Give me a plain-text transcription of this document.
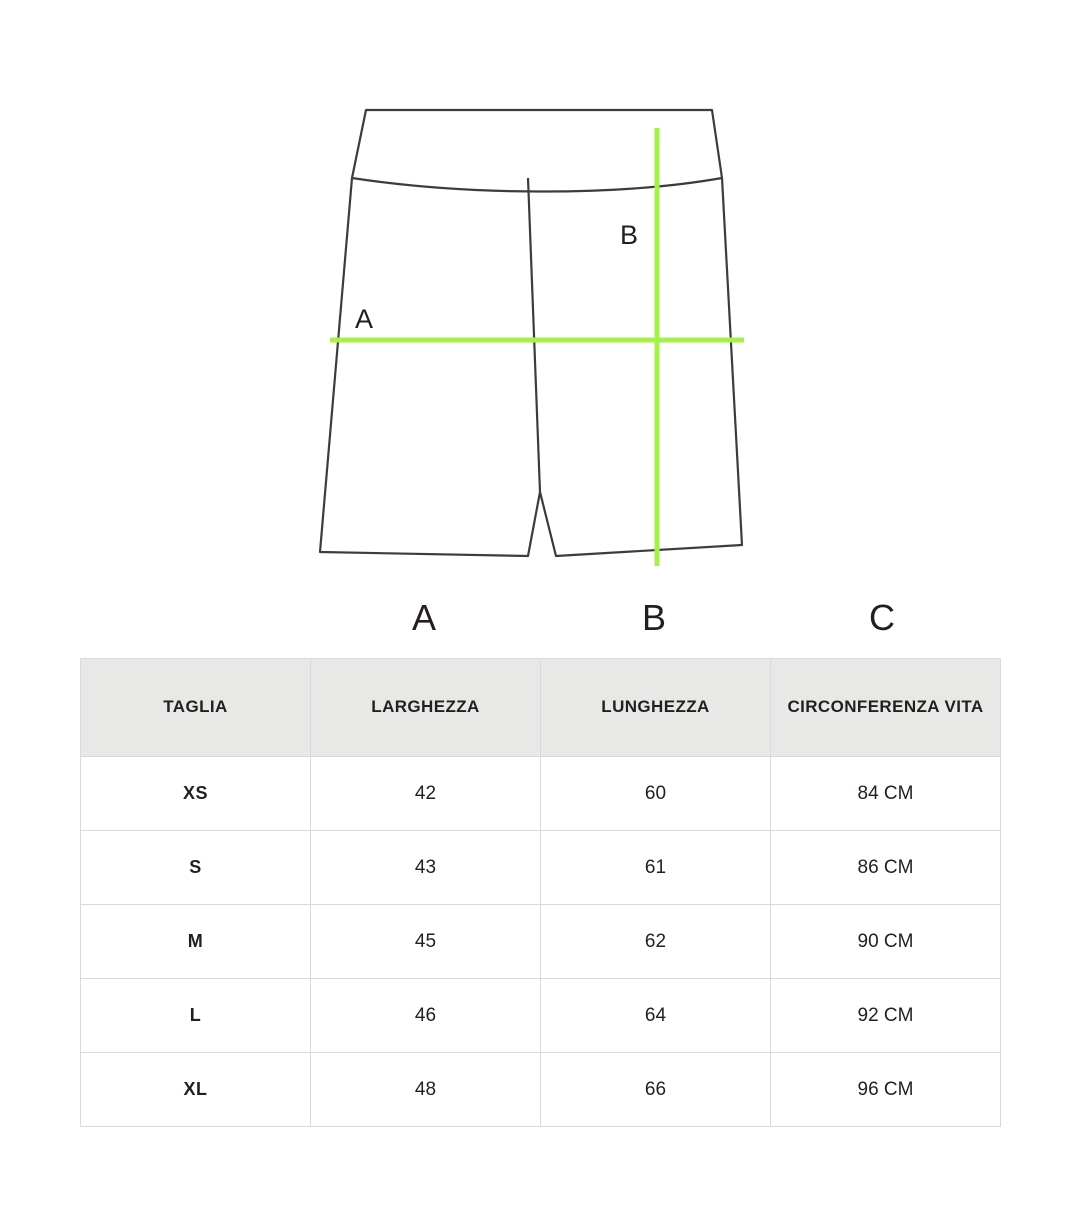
A
B
A	B	C
TAGLIA	LARGHEZZA	LUNGHEZZA	CIRCONFERENZA VITA
XS	42	60	84 CM
S	43	61	86 CM
M	45	62	90 CM
L	46	64	92 CM
XL	48	66	96 CM
